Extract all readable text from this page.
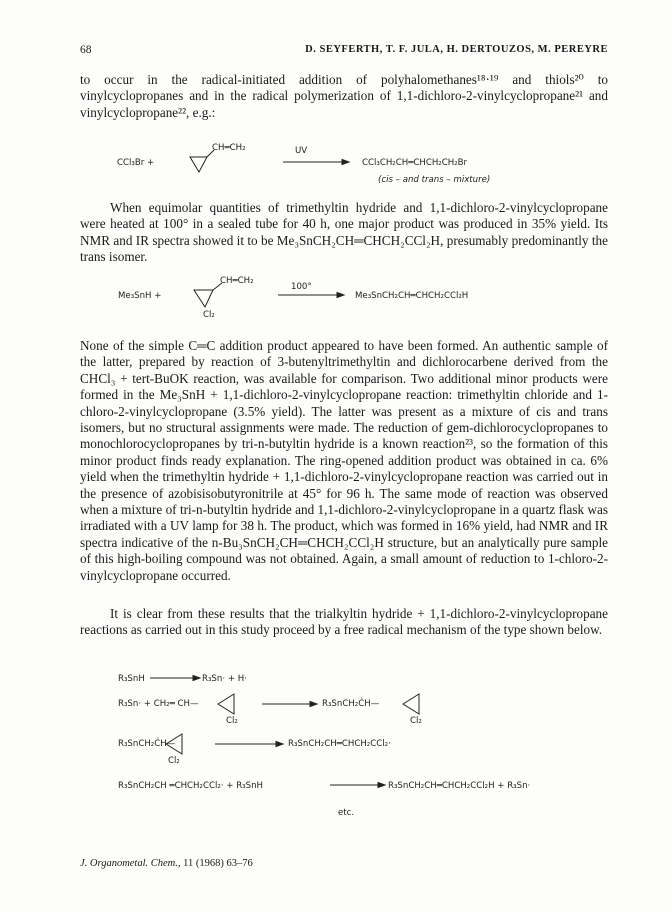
68	D. SEYFERTH, T. F. JULA, H. DERTOUZOS, M. PEREYRE
to occur in the radical-initiated addition of polyhalomethanes¹⁸·¹⁹ and thiols²⁰ to vinylcyclopropanes and in the radical polymerization of 1,1-dichloro-2-vinylcyclopropane²¹ and vinylcyclopropane²², e.g.:
CCl₃Br +
CH═CH₂	UV
CCl₃CH₂CH═CHCH₂CH₂Br
(cis – and trans – mixture)
When equimolar quantities of trimethyltin hydride and 1,1-dichloro-2-vinylcyclopropane were heated at 100° in a sealed tube for 40 h, one major product was produced in 35% yield. Its NMR and IR spectra showed it to be Me₃SnCH₂CH═CHCH₂CCl₂H, presumably predominantly the trans isomer.
Me₃SnH +
CH═CH₂
Cl₂
100°
Me₃SnCH₂CH═CHCH₂CCl₂H
None of the simple C═C addition product appeared to have been formed. An authentic sample of the latter, prepared by reaction of 3-butenyltrimethyltin and dichlorocarbene derived from the CHCl₃ + tert-BuOK reaction, was available for comparison. Two additional minor products were formed in the Me₃SnH + 1,1-dichloro-2-vinylcyclopropane reaction: trimethyltin chloride and 1-chloro-2-vinylcyclopropane (3.5% yield). The latter was present as a mixture of cis and trans isomers, but no structural assignments were made. The reduction of gem-dichlorocyclopropanes to monochlorocyclopropanes by tri-n-butyltin hydride is a known reaction²³, so the formation of this minor product finds ready explanation. The ring-opened addition product was obtained in ca. 6% yield when the trimethyltin hydride + 1,1-dichloro-2-vinylcyclopropane reaction was carried out in the presence of azobisisobutyronitrile at 45° for 96 h. The same mode of reaction was observed when a mixture of tri-n-butyltin hydride and 1,1-dichloro-2-vinylcyclopropane in a quartz flask was irradiated with a UV lamp for 38 h. The product, which was formed in 16% yield, had NMR and IR spectra indicative of the n-Bu₃SnCH₂CH═CHCH₂CCl₂H structure, but an analytically pure sample of this high-boiling compound was not obtained. Again, a small amount of reduction to 1-chloro-2-vinylcyclopropane occurred.
It is clear from these results that the trialkyltin hydride + 1,1-dichloro-2-vinylcyclopropane reactions as carried out in this study proceed by a free radical mechanism of the type shown below.
R₃SnH	R₃Sn· + H·
R₃Sn· + CH₂═ CH—
Cl₂
R₃SnCH₂ĊH—
Cl₂
R₃SnCH₂ĊH—
Cl₂
R₃SnCH₂CH═CHCH₂CCl₂·
R₃SnCH₂CH ═CHCH₂CCl₂· + R₃SnH	R₃SnCH₂CH═CHCH₂CCl₂H + R₃Sn·
etc.
J. Organometal. Chem., 11 (1968) 63–76
